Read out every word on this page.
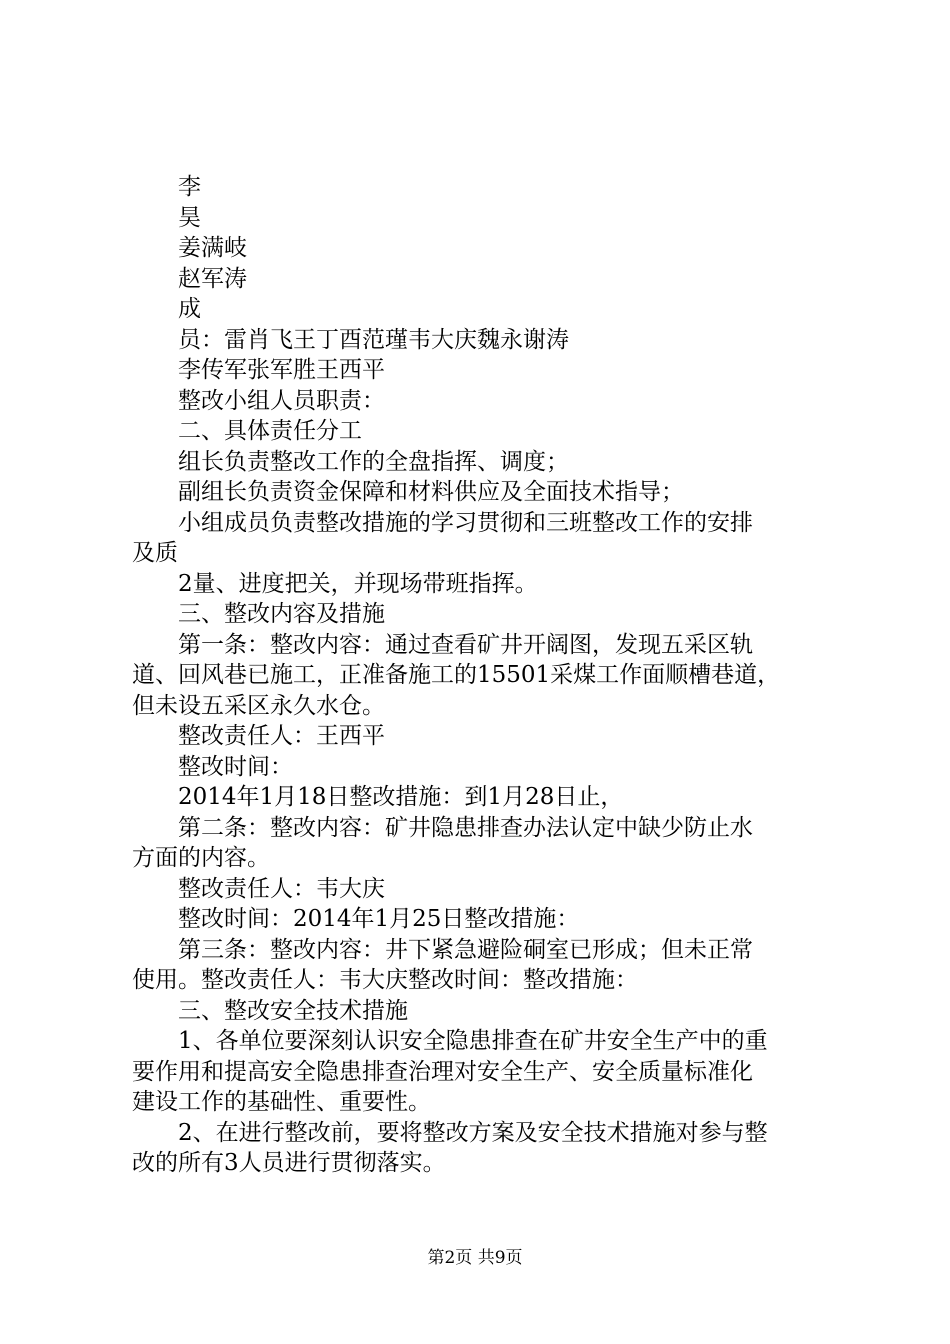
李
昊
姜满岐
赵军涛
成
员：雷肖飞王丁酉范瑾韦大庆魏永谢涛
李传军张军胜王西平
整改小组人员职责：
二、具体责任分工
组长负责整改工作的全盘指挥、调度；
副组长负责资金保障和材料供应及全面技术指导；
小组成员负责整改措施的学习贯彻和三班整改工作的安排
及质
2量、进度把关，并现场带班指挥。
三、整改内容及措施
第一条：整改内容：通过查看矿井开阔图，发现五采区轨
道、回风巷已施工，正准备施工的15501采煤工作面顺槽巷道，
但未设五采区永久水仓。
整改责任人：王西平
整改时间：
2014年1月18日整改措施：到1月28日止，
第二条：整改内容：矿井隐患排查办法认定中缺少防止水
方面的内容。
整改责任人：韦大庆
整改时间：2014年1月25日整改措施：
第三条：整改内容：井下紧急避险硐室已形成；但未正常
使用。整改责任人：韦大庆整改时间：整改措施：
三、整改安全技术措施
1、各单位要深刻认识安全隐患排查在矿井安全生产中的重
要作用和提高安全隐患排查治理对安全生产、安全质量标准化
建设工作的基础性、重要性。
2、在进行整改前，要将整改方案及安全技术措施对参与整
改的所有3人员进行贯彻落实。
第2页 共9页
